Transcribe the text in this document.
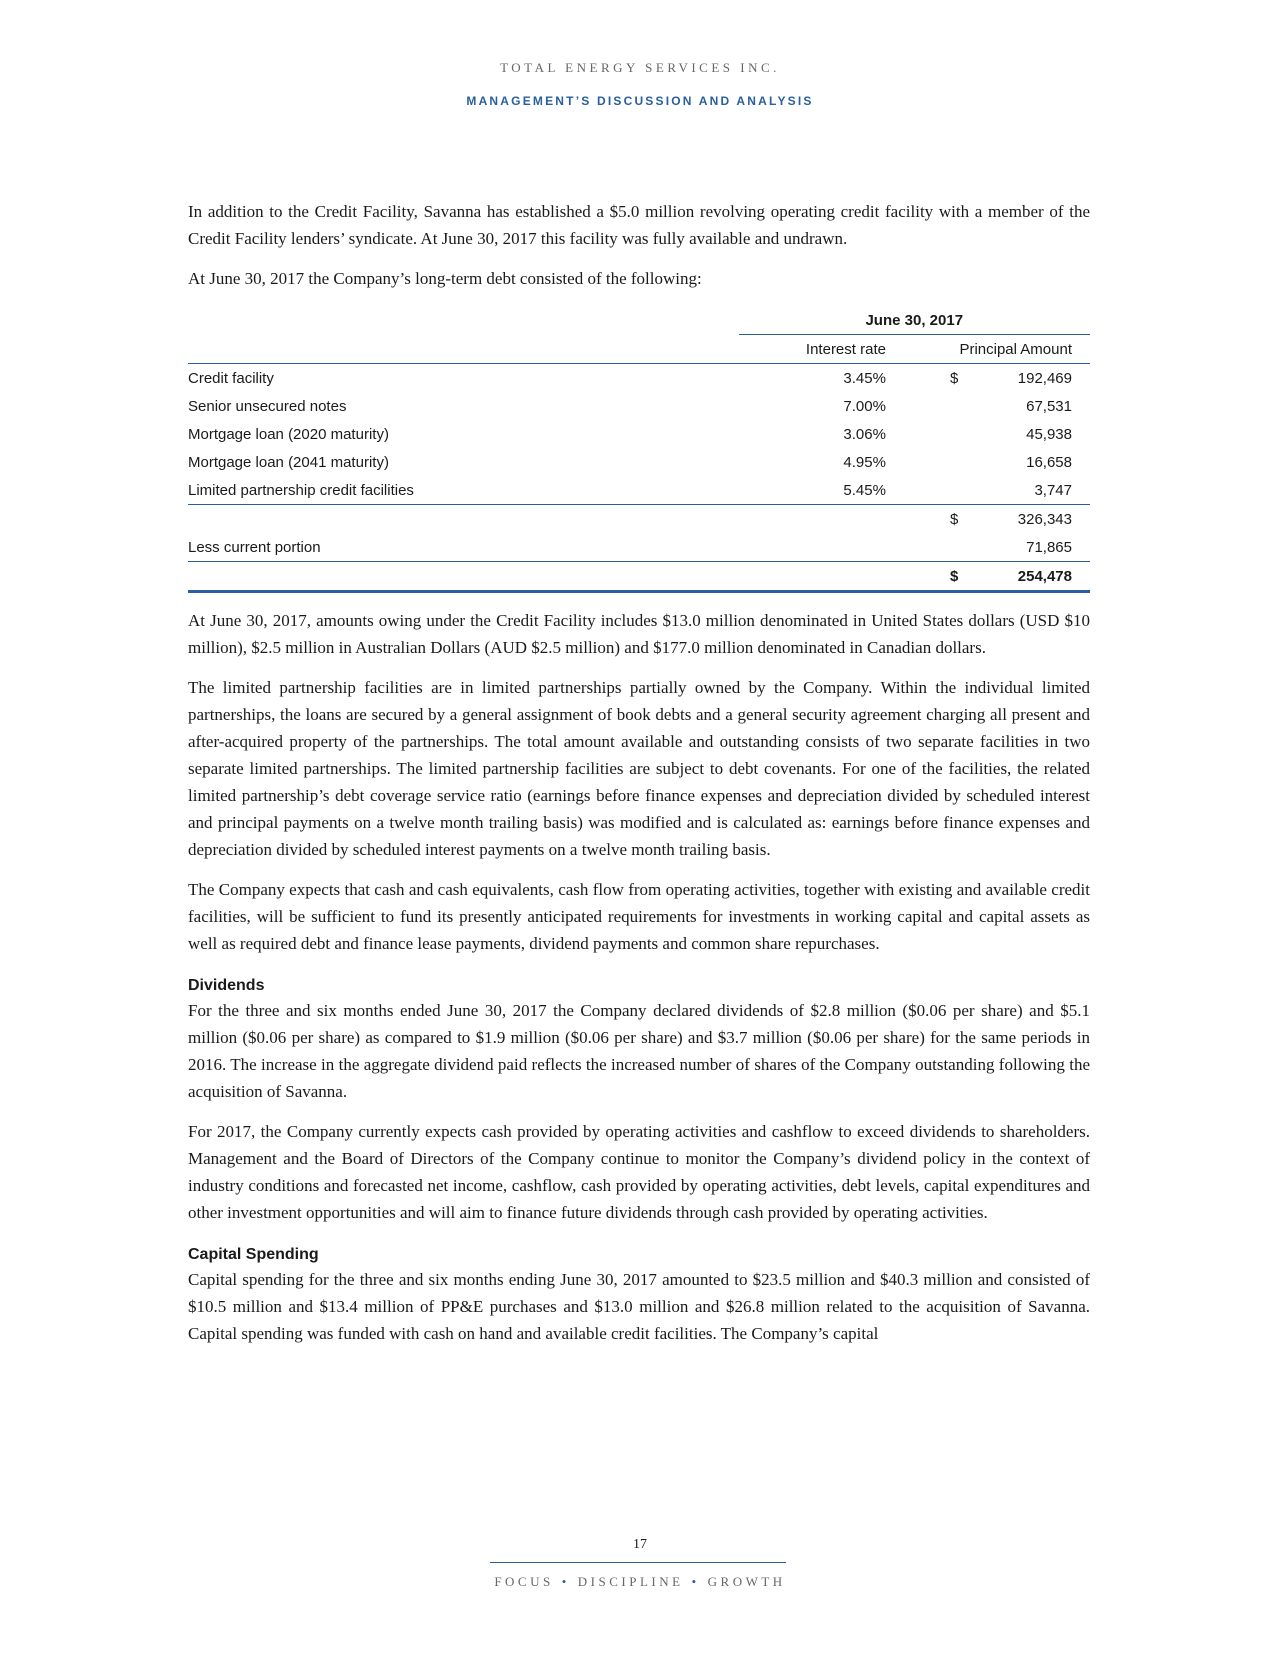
TOTAL ENERGY SERVICES INC.
MANAGEMENT’S DISCUSSION AND ANALYSIS

In addition to the Credit Facility, Savanna has established a $5.0 million revolving operating credit facility with a member of the Credit Facility lenders’ syndicate. At June 30, 2017 this facility was fully available and undrawn.

At June 30, 2017 the Company’s long-term debt consisted of the following:

	June 30, 2017	
	Interest rate	Principal Amount
Credit facility	3.45%	$ 192,469
Senior unsecured notes	7.00%	67,531
Mortgage loan (2020 maturity)	3.06%	45,938
Mortgage loan (2041 maturity)	4.95%	16,658
Limited partnership credit facilities	5.45%	3,747

		$ 326,343
Less current portion		71,865

		$ 254,478

At June 30, 2017, amounts owing under the Credit Facility includes $13.0 million denominated in United States dollars (USD $10 million), $2.5 million in Australian Dollars (AUD $2.5 million) and $177.0 million denominated in Canadian dollars.

The limited partnership facilities are in limited partnerships partially owned by the Company. Within the individual limited partnerships, the loans are secured by a general assignment of book debts and a general security agreement charging all present and after-acquired property of the partnerships. The total amount available and outstanding consists of two separate facilities in two separate limited partnerships. The limited partnership facilities are subject to debt covenants. For one of the facilities, the related limited partnership’s debt coverage service ratio (earnings before finance expenses and depreciation divided by scheduled interest and principal payments on a twelve month trailing basis) was modified and is calculated as: earnings before finance expenses and depreciation divided by scheduled interest payments on a twelve month trailing basis.

The Company expects that cash and cash equivalents, cash flow from operating activities, together with existing and available credit facilities, will be sufficient to fund its presently anticipated requirements for investments in working capital and capital assets as well as required debt and finance lease payments, dividend payments and common share repurchases.

Dividends

For the three and six months ended June 30, 2017 the Company declared dividends of $2.8 million ($0.06 per share) and $5.1 million ($0.06 per share) as compared to $1.9 million ($0.06 per share) and $3.7 million ($0.06 per share) for the same periods in 2016. The increase in the aggregate dividend paid reflects the increased number of shares of the Company outstanding following the acquisition of Savanna.

For 2017, the Company currently expects cash provided by operating activities and cashflow to exceed dividends to shareholders. Management and the Board of Directors of the Company continue to monitor the Company’s dividend policy in the context of industry conditions and forecasted net income, cashflow, cash provided by operating activities, debt levels, capital expenditures and other investment opportunities and will aim to finance future dividends through cash provided by operating activities.

Capital Spending

Capital spending for the three and six months ending June 30, 2017 amounted to $23.5 million and $40.3 million and consisted of $10.5 million and $13.4 million of PP&E purchases and $13.0 million and $26.8 million related to the acquisition of Savanna. Capital spending was funded with cash on hand and available credit facilities. The Company’s capital

17
FOCUS • DISCIPLINE • GROWTH
